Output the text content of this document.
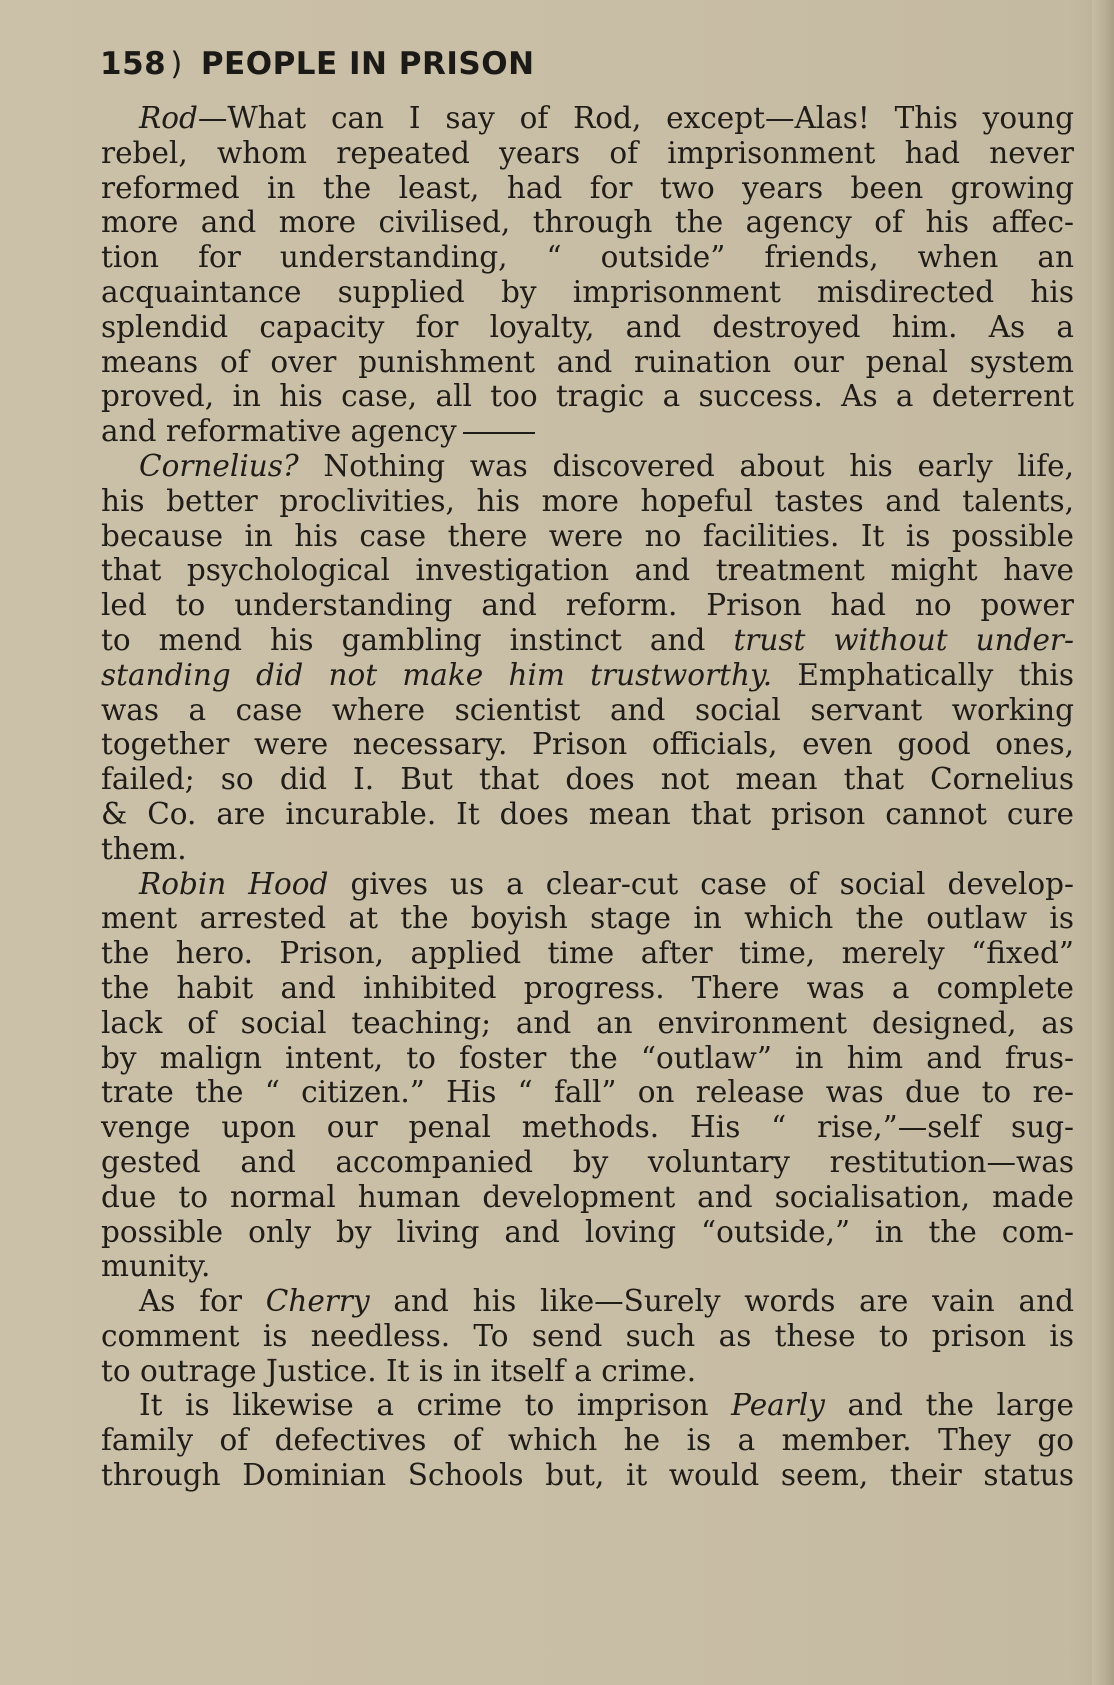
158 ) PEOPLE IN PRISON
Rod—What can I say of Rod, except—Alas! This young
rebel, whom repeated years of imprisonment had never
reformed in the least, had for two years been growing
more and more civilised, through the agency of his affec-
tion for understanding, “ outside” friends, when an
acquaintance supplied by imprisonment misdirected his
splendid capacity for loyalty, and destroyed him. As a
means of over punishment and ruination our penal system
proved, in his case, all too tragic a success. As a deterrent
and reformative agency
Cornelius? Nothing was discovered about his early life,
his better proclivities, his more hopeful tastes and talents,
because in his case there were no facilities. It is possible
that psychological investigation and treatment might have
led to understanding and reform. Prison had no power
to mend his gambling instinct and trust without under-
standing did not make him trustworthy. Emphatically this
was a case where scientist and social servant working
together were necessary. Prison officials, even good ones,
failed; so did I. But that does not mean that Cornelius
& Co. are incurable. It does mean that prison cannot cure
them.
Robin Hood gives us a clear-cut case of social develop-
ment arrested at the boyish stage in which the outlaw is
the hero. Prison, applied time after time, merely “fixed”
the habit and inhibited progress. There was a complete
lack of social teaching; and an environment designed, as
by malign intent, to foster the “outlaw” in him and frus-
trate the “ citizen.” His “ fall” on release was due to re-
venge upon our penal methods. His “ rise,”—self sug-
gested and accompanied by voluntary restitution—was
due to normal human development and socialisation, made
possible only by living and loving “outside,” in the com-
munity.
As for Cherry and his like—Surely words are vain and
comment is needless. To send such as these to prison is
to outrage Justice. It is in itself a crime.
It is likewise a crime to imprison Pearly and the large
family of defectives of which he is a member. They go
through Dominian Schools but, it would seem, their status
